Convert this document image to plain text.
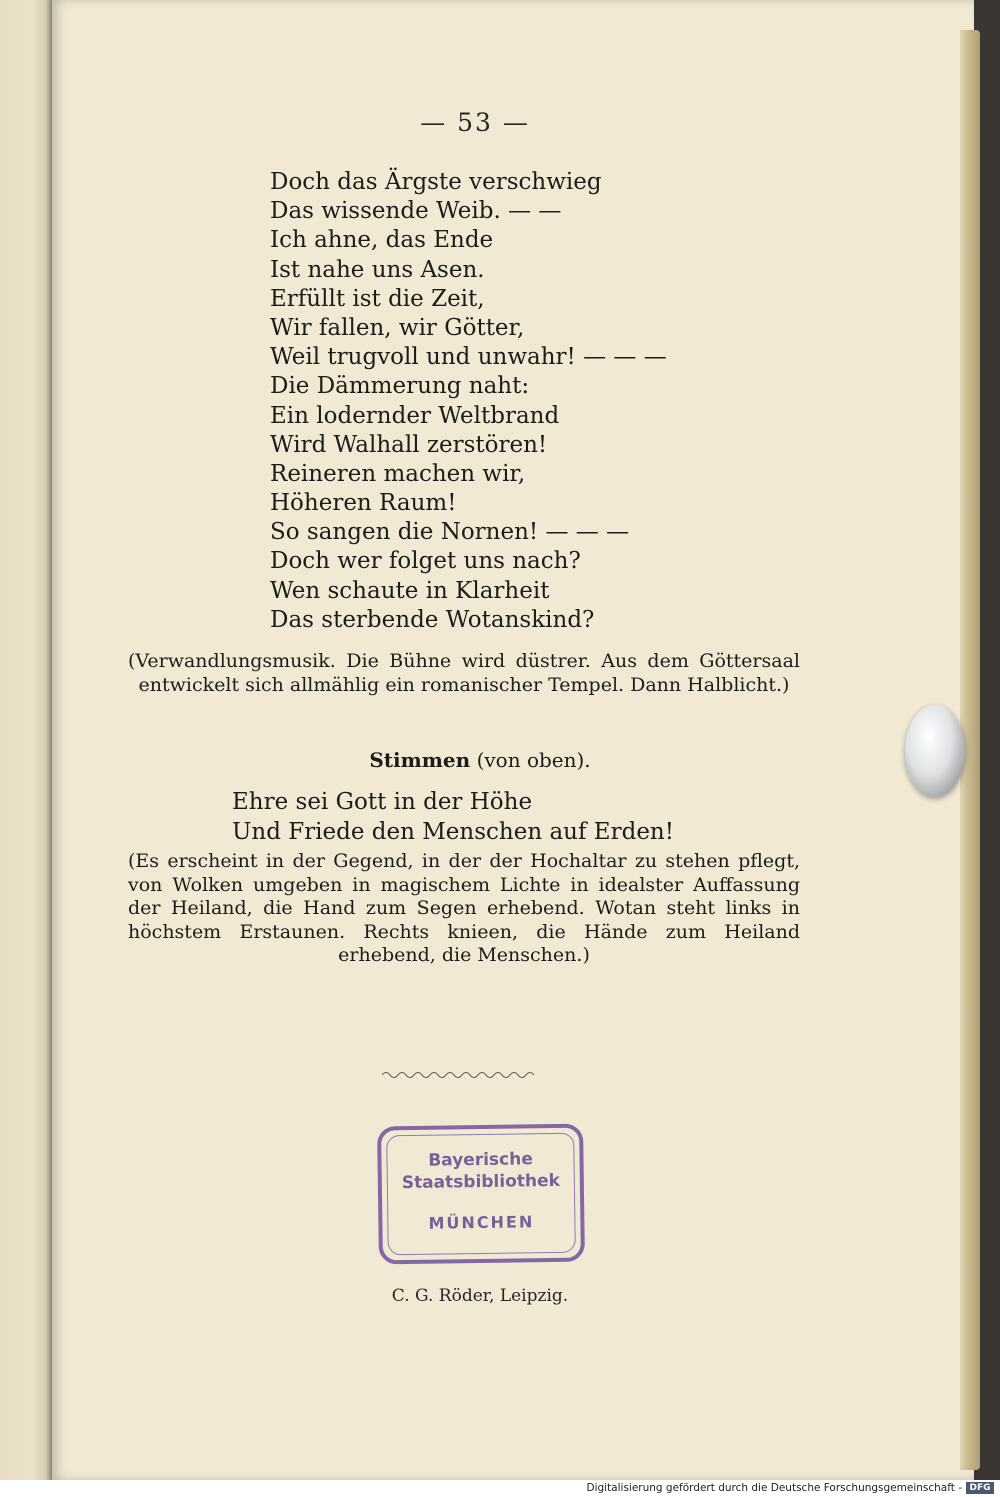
— 53 —
Doch das Ärgste verschwieg
Das wissende Weib. — —
Ich ahne, das Ende
Ist nahe uns Asen.
Erfüllt ist die Zeit,
Wir fallen, wir Götter,
Weil trugvoll und unwahr! — — —
Die Dämmerung naht:
Ein lodernder Weltbrand
Wird Walhall zerstören!
Reineren machen wir,
Höheren Raum!
So sangen die Nornen! — — —
Doch wer folget uns nach?
Wen schaute in Klarheit
Das sterbende Wotanskind?
(Verwandlungsmusik. Die Bühne wird düstrer. Aus dem Göttersaal entwickelt sich allmählig ein romanischer Tempel. Dann Halblicht.)
Stimmen (von oben).
Ehre sei Gott in der Höhe
Und Friede den Menschen auf Erden!
(Es erscheint in der Gegend, in der der Hochaltar zu stehen pflegt, von Wolken umgeben in magischem Lichte in idealster Auffassung der Heiland, die Hand zum Segen erhebend. Wotan steht links in höchstem Erstaunen. Rechts knieen, die Hände zum Heiland erhebend, die Menschen.)
Bayerische
Staatsbibliothek
MÜNCHEN
C. G. Röder, Leipzig.
Digitalisierung gefördert durch die Deutsche Forschungsgemeinschaft - DFG
